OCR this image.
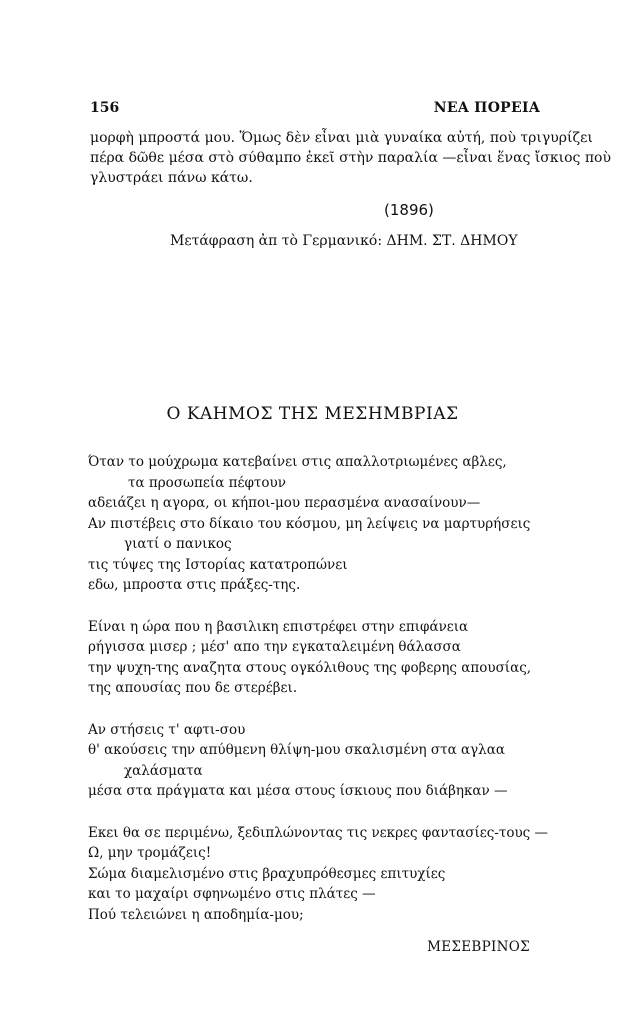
156	ΝΕΑ ΠΟΡΕΙΑ
μορφὴ μπροστά μου. Ὅμως δὲν εἶναι μιὰ γυναίκα αὐτή, ποὺ τριγυρίζει
πέρα δῶθε μέσα στὸ σύθαμπο ἐκεῖ στὴν παραλία —εἶναι ἕνας ἴσκιος ποὺ
γλυστράει πάνω κάτω.
(1896)
Μετάφραση ἀπ τὸ Γερμανικό: ΔΗΜ. ΣΤ. ΔΗΜΟΥ
Ο ΚΑΗΜΟΣ ΤΗΣ ΜΕΣΗΜΒΡΙΑΣ
Όταν το μούχρωμα κατεβαίνει στις απαλλοτριωμένες αβλες,
τα προσωπεία πέφτουν
αδειάζει η αγορα, οι κήποι-μου περασμένα ανασαίνουν—
Αν πιστέβεις στο δίκαιο του κόσμου, μη λείψεις να μαρτυρήσεις
γιατί ο πανικος
τις τύψες της Ιστορίας κατατροπώνει
εδω, μπροστα στις πράξες-της.
Είναι η ώρα που η βασιλικη επιστρέφει στην επιφάνεια
ρήγισσα μισερ ; μέσ' απο την εγκαταλειμένη θάλασσα
την ψυχη-της αναζητα στους ογκόλιθους της φοβερης απουσίας,
της απουσίας που δε στερέβει.
Αν στήσεις τ' αφτι-σου
θ' ακούσεις την απύθμενη θλίψη-μου σκαλισμένη στα αγλαα
χαλάσματα
μέσα στα πράγματα και μέσα στους ίσκιους που διάβηκαν —
Εκει θα σε περιμένω, ξεδιπλώνοντας τις νεκρες φαντασίες-τους —
Ω, μην τρομάζεις!
Σώμα διαμελισμένο στις βραχυπρόθεσμες επιτυχίες
και το μαχαίρι σφηνωμένο στις πλάτες —
Πού τελειώνει η αποδημία-μου;
ΜΕΣΕΒΡΙΝΟΣ
